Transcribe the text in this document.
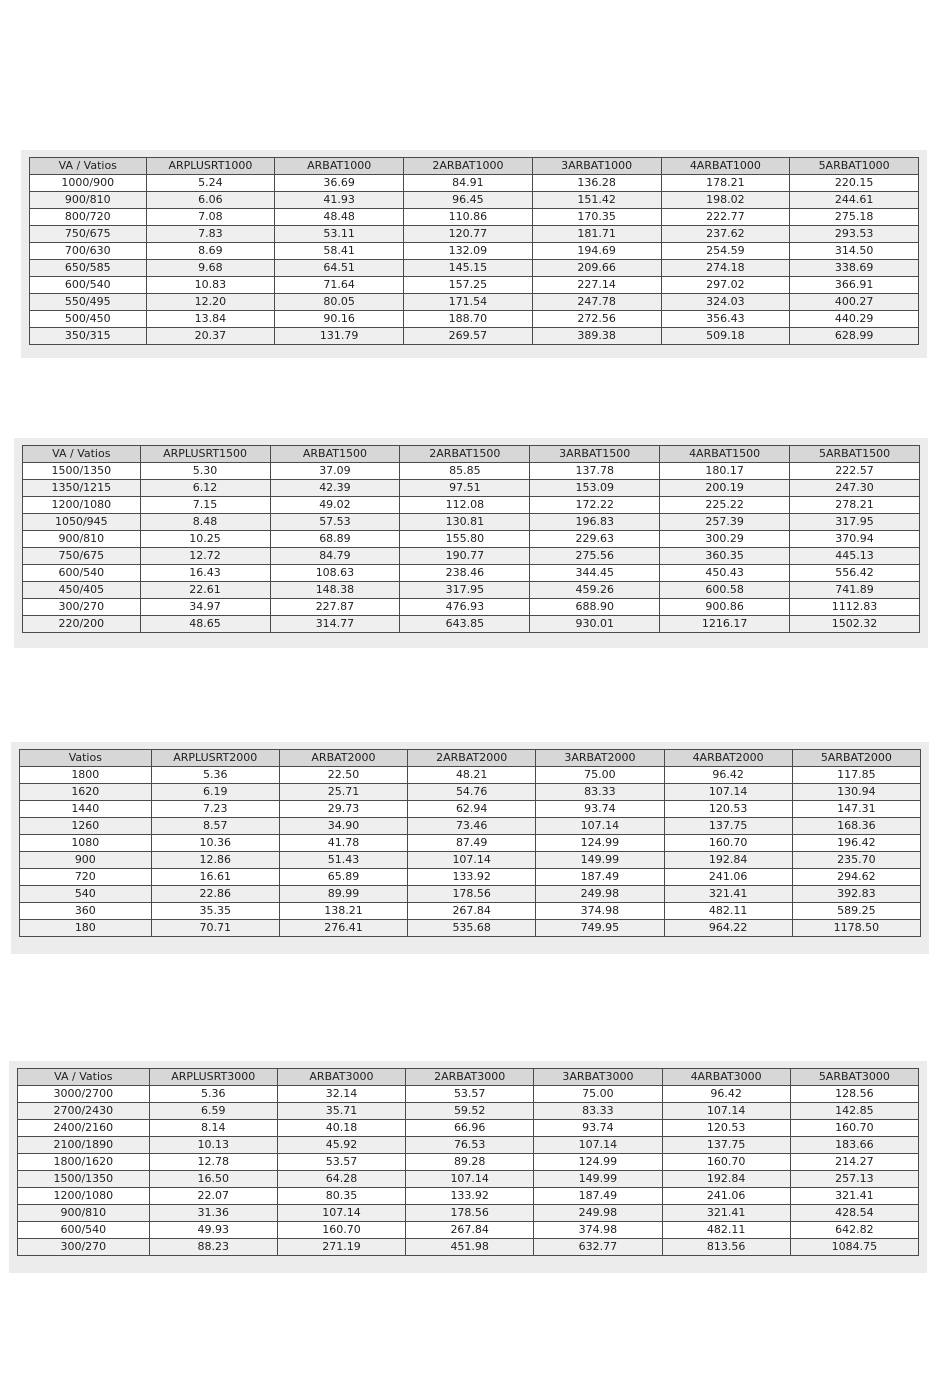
VA / Vatios	ARPLUSRT1000	ARBAT1000	2ARBAT1000	3ARBAT1000	4ARBAT1000	5ARBAT1000
1000/900	5.24	36.69	84.91	136.28	178.21	220.15
900/810	6.06	41.93	96.45	151.42	198.02	244.61
800/720	7.08	48.48	110.86	170.35	222.77	275.18
750/675	7.83	53.11	120.77	181.71	237.62	293.53
700/630	8.69	58.41	132.09	194.69	254.59	314.50
650/585	9.68	64.51	145.15	209.66	274.18	338.69
600/540	10.83	71.64	157.25	227.14	297.02	366.91
550/495	12.20	80.05	171.54	247.78	324.03	400.27
500/450	13.84	90.16	188.70	272.56	356.43	440.29
350/315	20.37	131.79	269.57	389.38	509.18	628.99
VA / Vatios	ARPLUSRT1500	ARBAT1500	2ARBAT1500	3ARBAT1500	4ARBAT1500	5ARBAT1500
1500/1350	5.30	37.09	85.85	137.78	180.17	222.57
1350/1215	6.12	42.39	97.51	153.09	200.19	247.30
1200/1080	7.15	49.02	112.08	172.22	225.22	278.21
1050/945	8.48	57.53	130.81	196.83	257.39	317.95
900/810	10.25	68.89	155.80	229.63	300.29	370.94
750/675	12.72	84.79	190.77	275.56	360.35	445.13
600/540	16.43	108.63	238.46	344.45	450.43	556.42
450/405	22.61	148.38	317.95	459.26	600.58	741.89
300/270	34.97	227.87	476.93	688.90	900.86	1112.83
220/200	48.65	314.77	643.85	930.01	1216.17	1502.32
Vatios	ARPLUSRT2000	ARBAT2000	2ARBAT2000	3ARBAT2000	4ARBAT2000	5ARBAT2000
1800	5.36	22.50	48.21	75.00	96.42	117.85
1620	6.19	25.71	54.76	83.33	107.14	130.94
1440	7.23	29.73	62.94	93.74	120.53	147.31
1260	8.57	34.90	73.46	107.14	137.75	168.36
1080	10.36	41.78	87.49	124.99	160.70	196.42
900	12.86	51.43	107.14	149.99	192.84	235.70
720	16.61	65.89	133.92	187.49	241.06	294.62
540	22.86	89.99	178.56	249.98	321.41	392.83
360	35.35	138.21	267.84	374.98	482.11	589.25
180	70.71	276.41	535.68	749.95	964.22	1178.50
VA / Vatios	ARPLUSRT3000	ARBAT3000	2ARBAT3000	3ARBAT3000	4ARBAT3000	5ARBAT3000
3000/2700	5.36	32.14	53.57	75.00	96.42	128.56
2700/2430	6.59	35.71	59.52	83.33	107.14	142.85
2400/2160	8.14	40.18	66.96	93.74	120.53	160.70
2100/1890	10.13	45.92	76.53	107.14	137.75	183.66
1800/1620	12.78	53.57	89.28	124.99	160.70	214.27
1500/1350	16.50	64.28	107.14	149.99	192.84	257.13
1200/1080	22.07	80.35	133.92	187.49	241.06	321.41
900/810	31.36	107.14	178.56	249.98	321.41	428.54
600/540	49.93	160.70	267.84	374.98	482.11	642.82
300/270	88.23	271.19	451.98	632.77	813.56	1084.75
